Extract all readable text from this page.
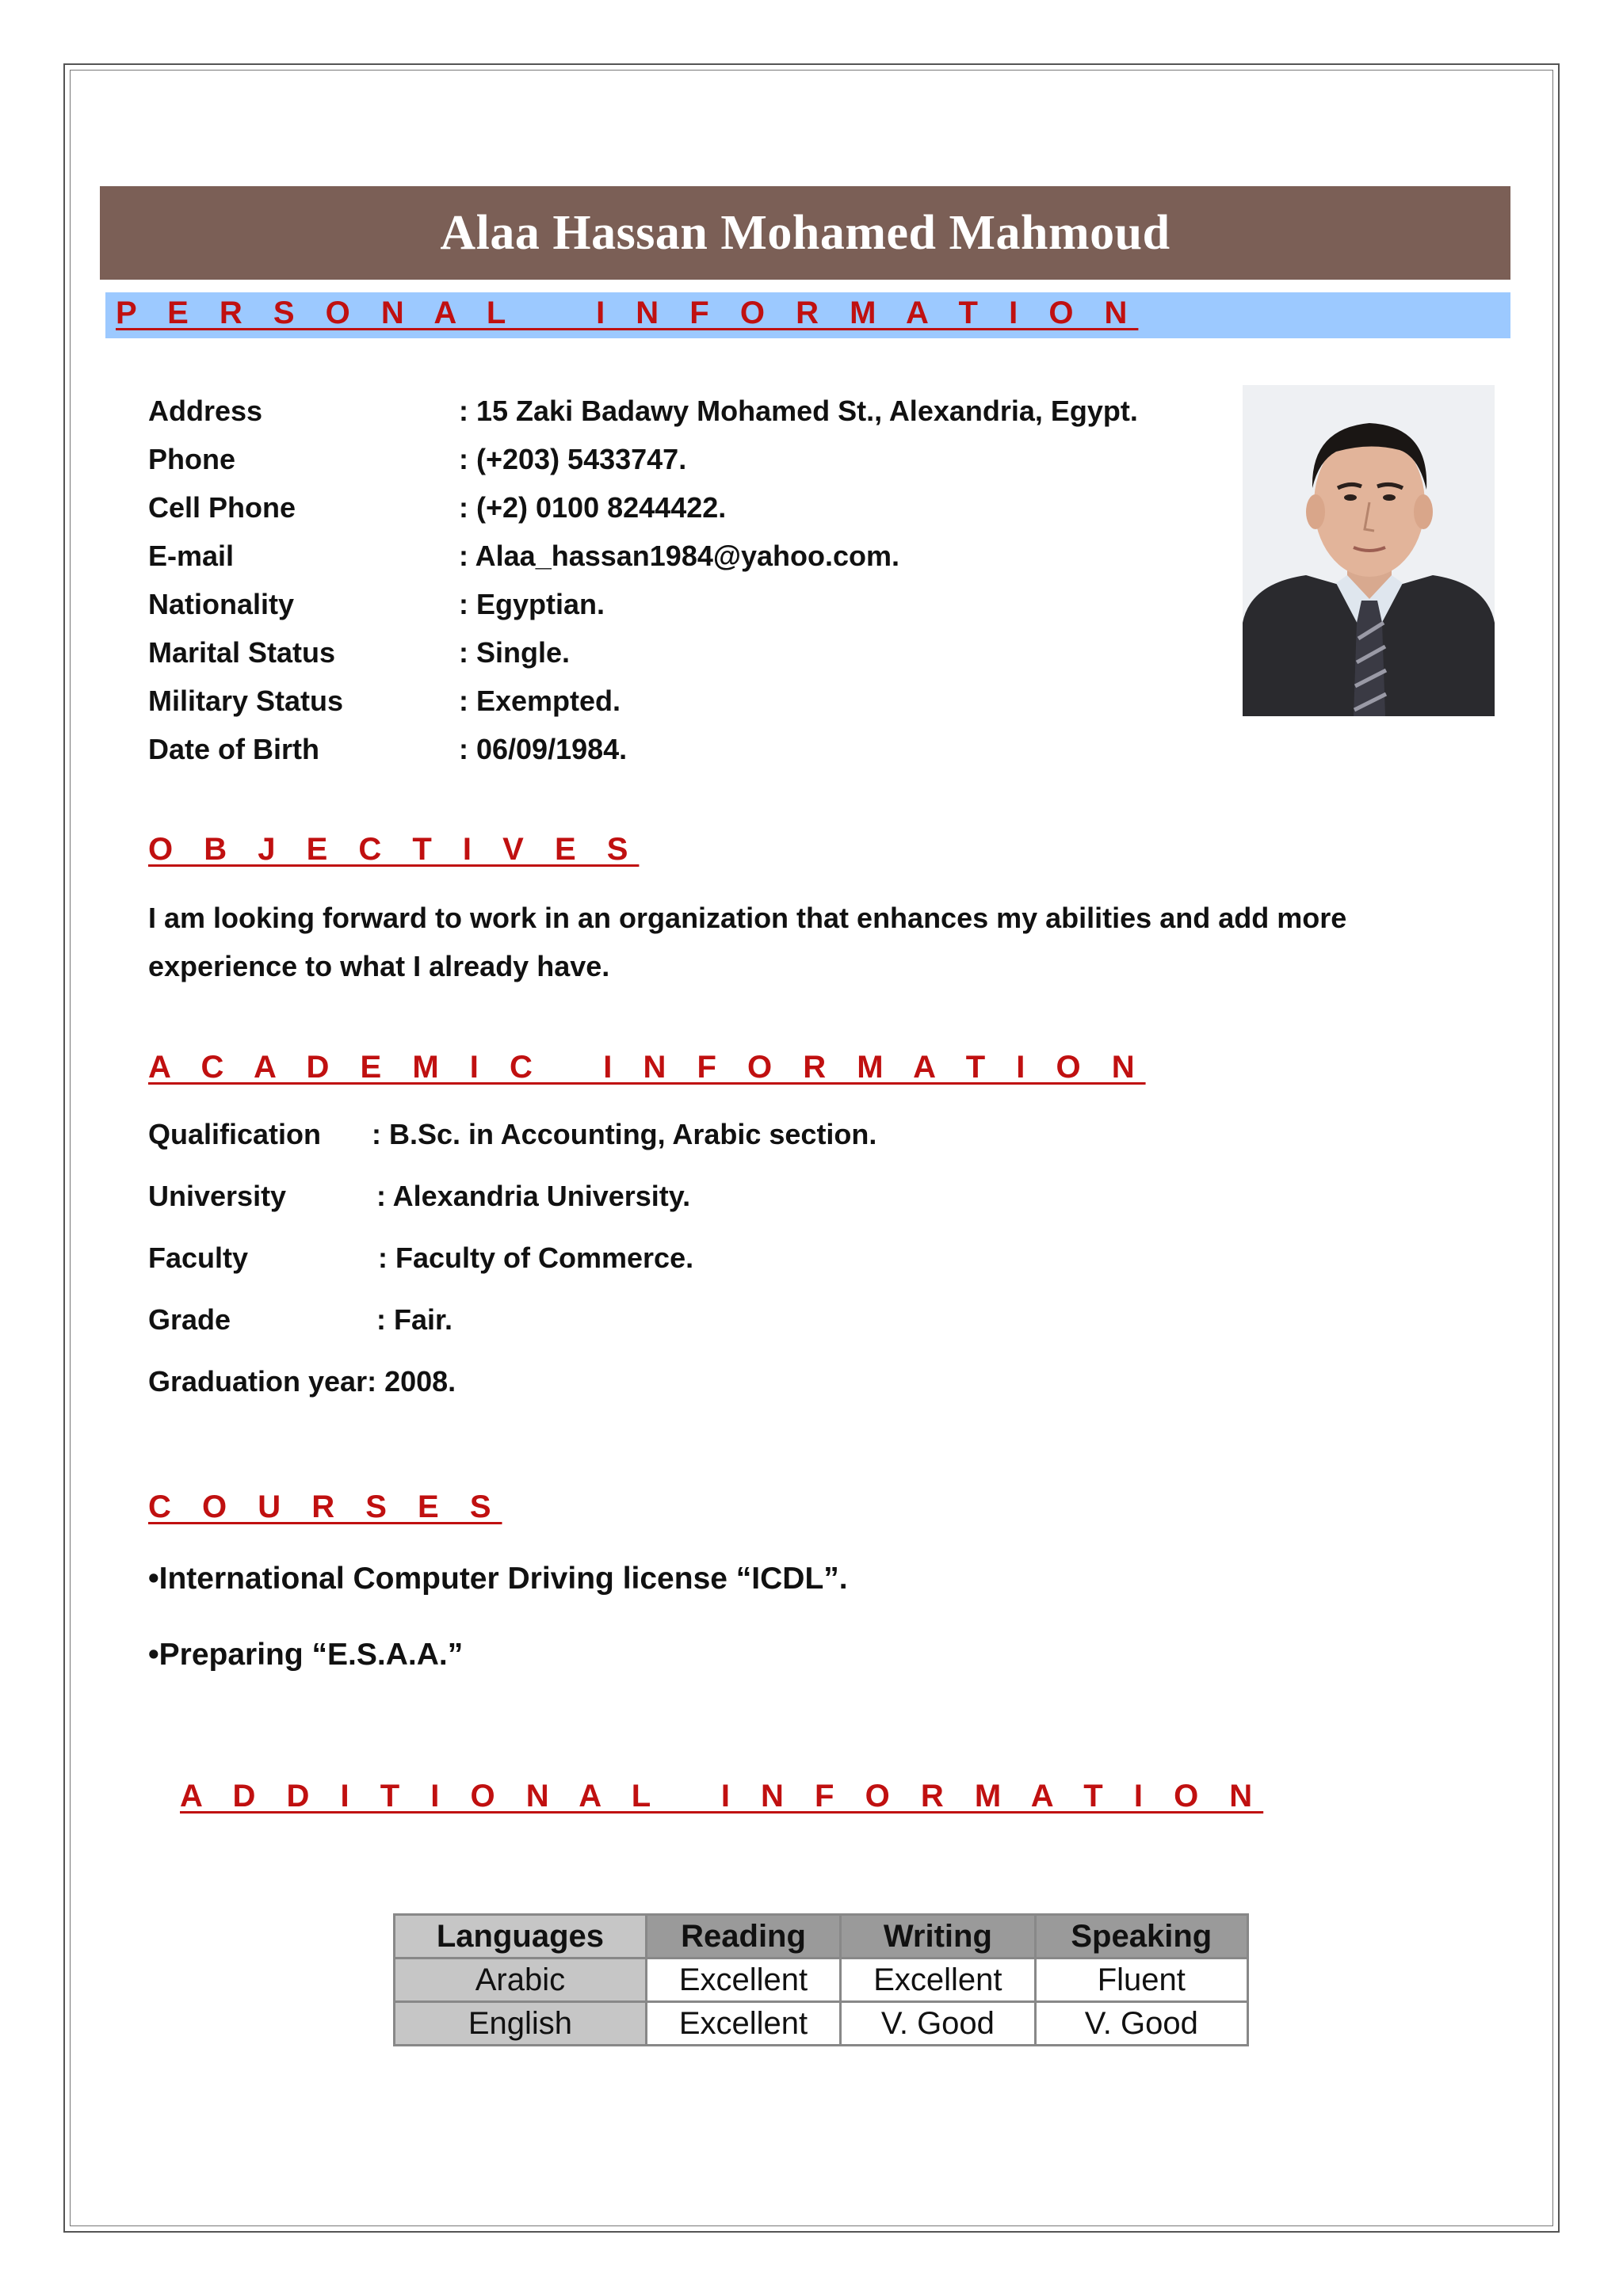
Alaa Hassan Mohamed Mahmoud
P E R S O N A L    I N F O R M A T I O N
Address	: 15 Zaki Badawy Mohamed St., Alexandria, Egypt.
Phone	: (+203) 5433747.
Cell Phone	: (+2) 0100 8244422.
E-mail	: Alaa_hassan1984@yahoo.com.
Nationality	: Egyptian.
Marital Status	: Single.
Military Status	: Exempted.
Date of Birth	: 06/09/1984.
O B J E C T I V E S
I am looking forward to work in an organization that enhances my abilities and add more experience to what I already have.
A C A D E M I C   I N F O R M A T I O N
Qualification : B.Sc. in Accounting, Arabic section.
University	: Alexandria University.
Faculty	: Faculty of Commerce.
Grade	: Fair.
Graduation year: 2008.
C O U R S E S
•International Computer Driving license “ICDL”.
•Preparing “E.S.A.A.”
A D D I T I O N A L   I N F O R M A T I O N
Languages	Reading	Writing	Speaking
Arabic	Excellent	Excellent	Fluent
English	Excellent	V. Good	V. Good
